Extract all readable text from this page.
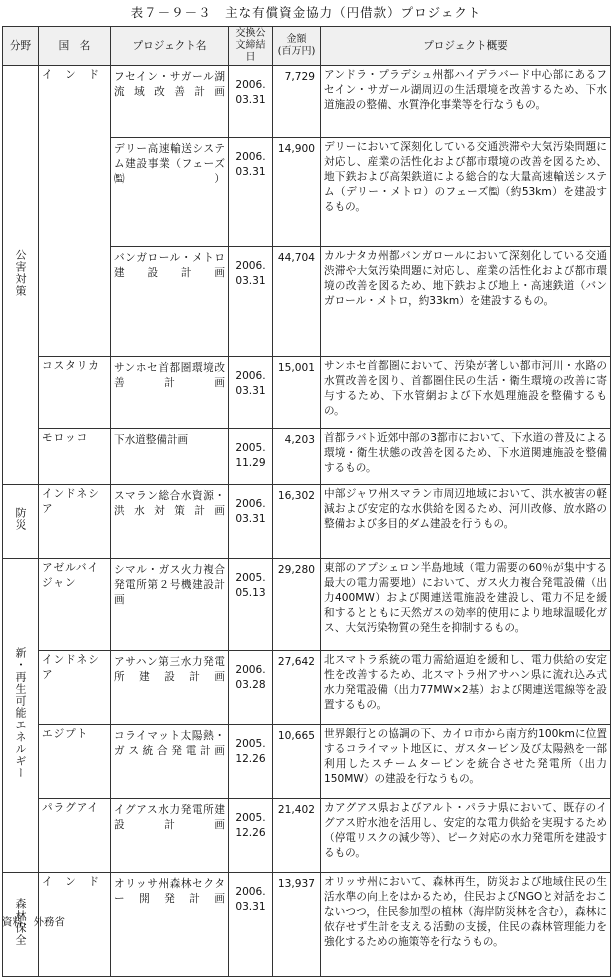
表７－９－３　主な有償資金協力（円借款）プロジェクト
分野	国　名	プロジェクト名	交換公文締結日	金額
(百万円)	プロジェクト概要
公害対策	イ　ン　ド	フセイン・サガール湖流域改善計画	2006.
03.31	7,729	アンドラ・プラデシュ州都ハイデラバード中心部にあるフセイン・サガール湖周辺の生活環境を改善するため、下水道施設の整備、水質浄化事業等を行なうもの。
		デリー高速輸送システム建設事業（フェーズ㈼）	2006.
03.31	14,900	デリーにおいて深刻化している交通渋滞や大気汚染問題に対応し、産業の活性化および都市環境の改善を図るため、地下鉄および高架鉄道による総合的な大量高速輸送システム（デリー・メトロ）のフェーズ㈼（約53km）を建設するもの。
		バンガロール・メトロ建設計画	2006.
03.31	44,704	カルナタカ州都バンガロールにおいて深刻化している交通渋滞や大気汚染問題に対応し、産業の活性化および都市環境の改善を図るため、地下鉄および地上・高速鉄道（バンガロール・メトロ，約33km）を建設するもの。
	コスタリカ	サンホセ首都圏環境改善計画	2006.
03.31	15,001	サンホセ首都圏において、汚染が著しい都市河川・水路の水質改善を図り、首都圏住民の生活・衛生環境の改善に寄与するため、下水管網および下水処理施設を整備するもの。
	モロッコ	下水道整備計画	2005.
11.29	4,203	首都ラバト近郊中部の3都市において、下水道の普及による環境・衛生状態の改善を図るため、下水道関連施設を整備するもの。
防災	インドネシア	スマラン総合水資源・洪水対策計画	2006.
03.31	16,302	中部ジャワ州スマラン市周辺地域において、洪水被害の軽減および安定的な水供給を図るため、河川改修、放水路の整備および多目的ダム建設を行うもの。
新・再生可能エネルギー	アゼルバイジャン	シマル・ガス火力複合発電所第２号機建設計画	2005.
05.13	29,280	東部のアプシェロン半島地域（電力需要の60％が集中する最大の電力需要地）において、ガス火力複合発電設備（出力400MW）および関連送電施設を建設し、電力不足を緩和するとともに天然ガスの効率的使用により地球温暖化ガス、大気汚染物質の発生を抑制するもの。
	インドネシア	アサハン第三水力発電所建設計画	2006.
03.28	27,642	北スマトラ系統の電力需給逼迫を緩和し、電力供給の安定性を改善するため、北スマトラ州アサハン県に流れ込み式水力発電設備（出力77MW×2基）および関連送電線等を設置するもの。
	エジプト	コライマット太陽熱・ガス統合発電計画	2005.
12.26	10,665	世界銀行との協調の下、カイロ市から南方約100kmに位置するコライマット地区に、ガスタービン及び太陽熱を一部利用したスチームタービンを統合させた発電所（出力150MW）の建設を行なうもの。
	パラグアイ	イグアス水力発電所建設計画	2005.
12.26	21,402	カアグアス県およびアルト・パラナ県において、既存のイグアス貯水池を活用し、安定的な電力供給を実現するため（停電リスクの減少等）、ピーク対応の水力発電所を建設するもの。
森林保全	イ　ン　ド	オリッサ州森林セクター開発計画	2006.
03.31	13,937	オリッサ州において、森林再生，防災および地域住民の生活水準の向上をはかるため，住民およびNGOと対話をおこないつつ，住民参加型の植林（海岸防災林を含む），森林に依存せず生計を支える活動の支援，住民の森林管理能力を強化するための施策等を行なうもの。
資料：外務省
